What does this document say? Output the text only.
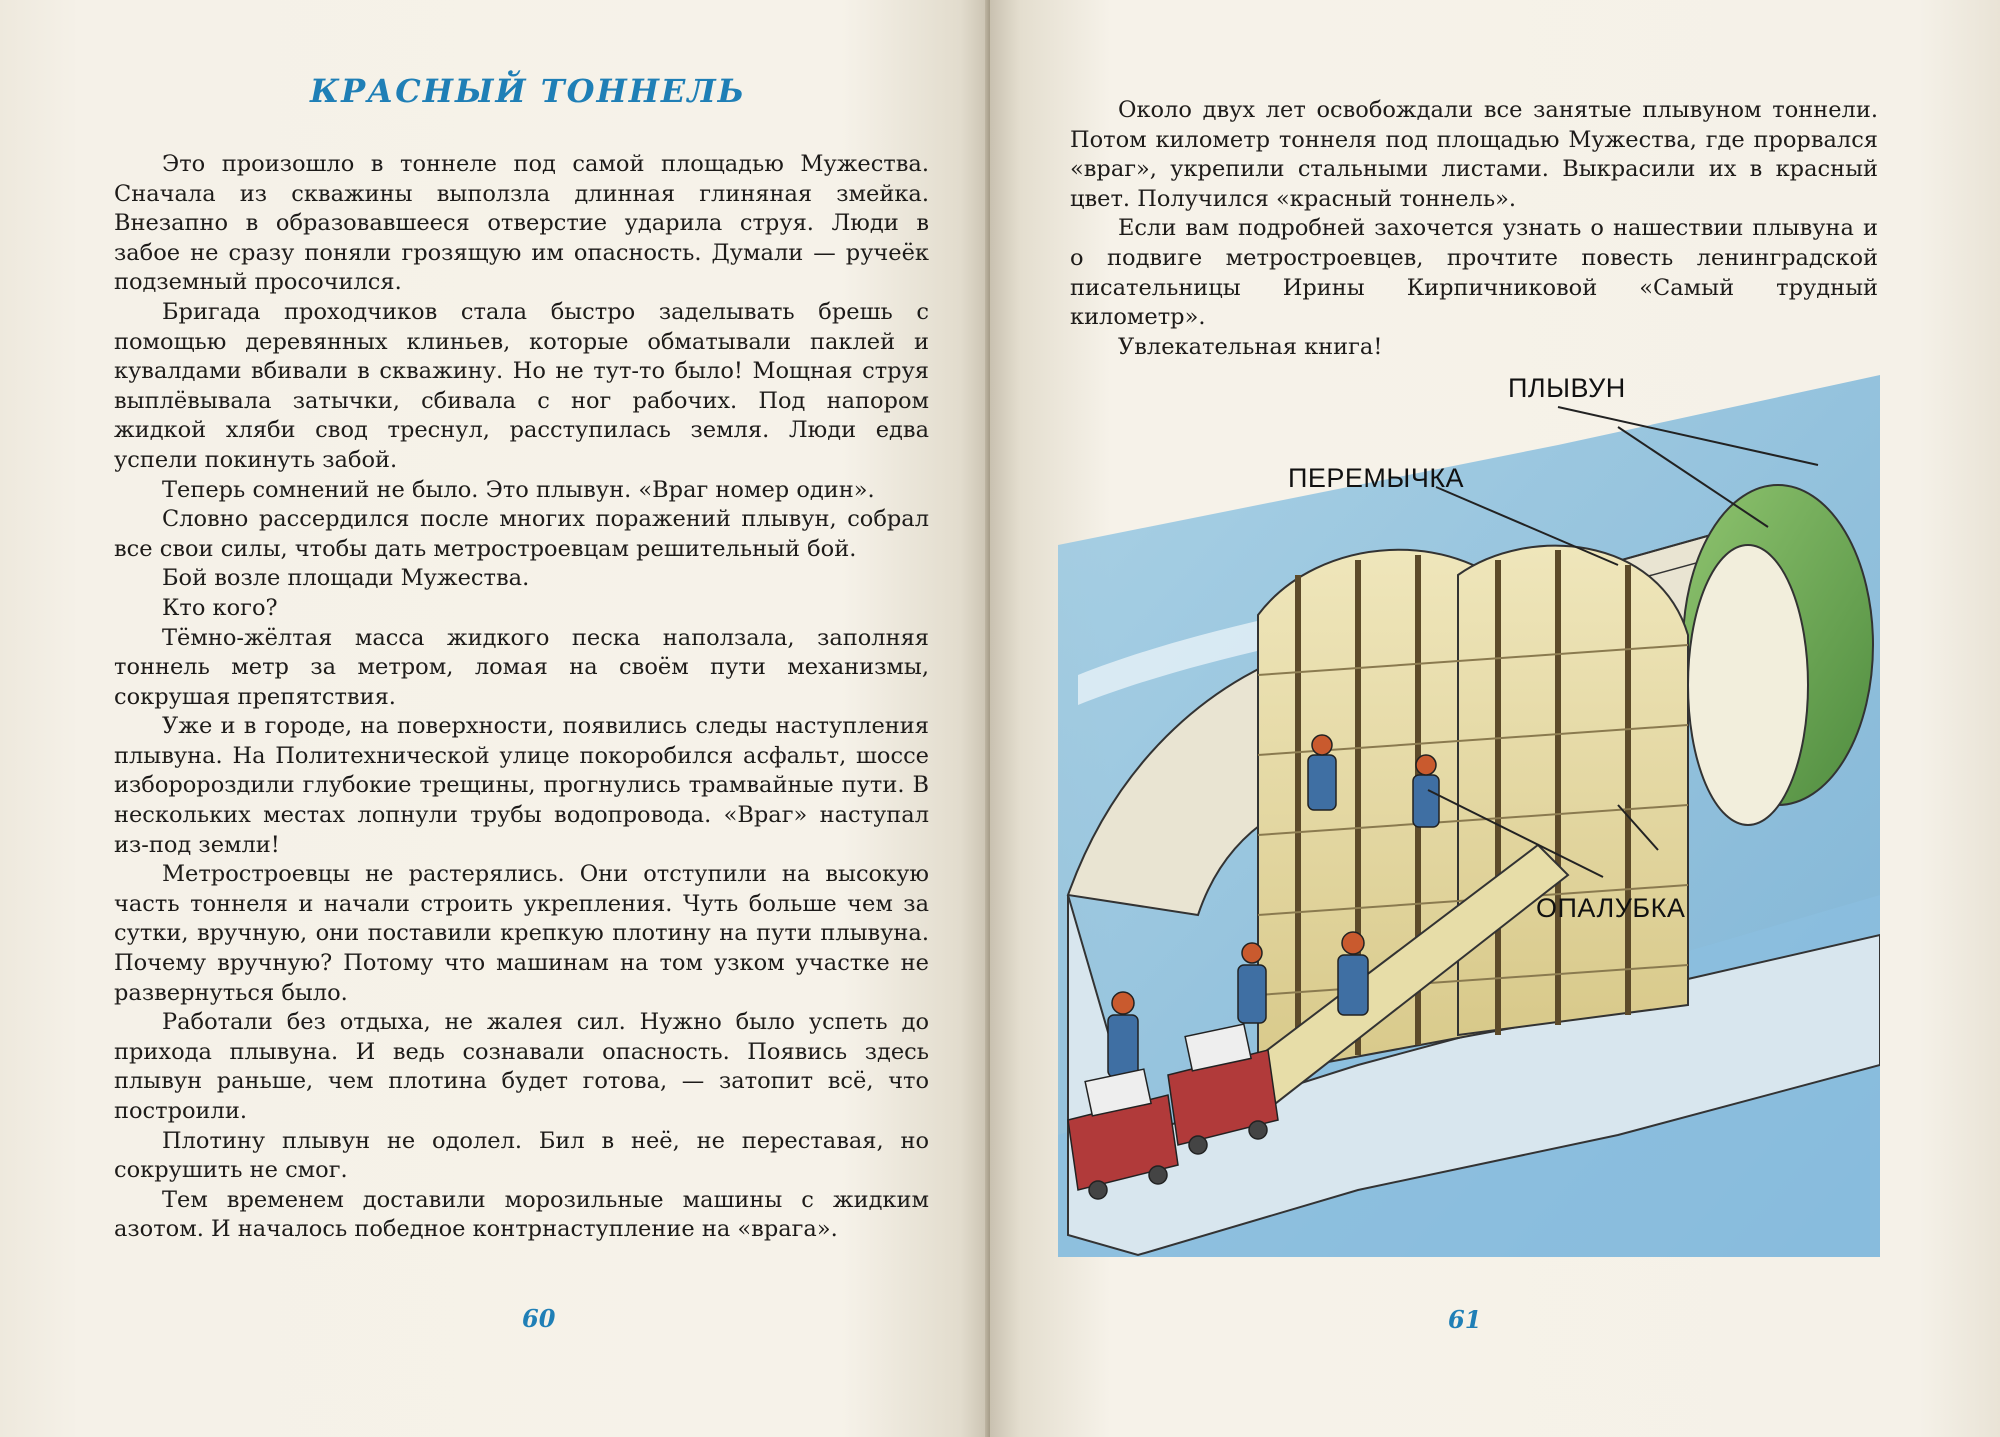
КРАСНЫЙ ТОННЕЛЬ

Это произошло в тоннеле под самой площадью Мужества. Сначала из скважины выползла длинная глиняная змейка. Внезапно в образовавшееся отверстие ударила струя. Люди в забое не сразу поняли грозящую им опасность. Думали — ручеёк подземный просочился.

Бригада проходчиков стала быстро заделывать брешь с помощью деревянных клиньев, которые обматывали паклей и кувалдами вбивали в скважину. Но не тут-то было! Мощная струя выплёвывала затычки, сбивала с ног рабочих. Под напором жидкой хляби свод треснул, расступилась земля. Люди едва успели покинуть забой.

Теперь сомнений не было. Это плывун. «Враг номер один».

Словно рассердился после многих поражений плывун, собрал все свои силы, чтобы дать метростроевцам решительный бой.

Бой возле площади Мужества.

Кто кого?

Тёмно-жёлтая масса жидкого песка наползала, заполняя тоннель метр за метром, ломая на своём пути механизмы, сокрушая препятствия.

Уже и в городе, на поверхности, появились следы наступления плывуна. На Политехнической улице покоробился асфальт, шоссе изборороздили глубокие трещины, прогнулись трамвайные пути. В нескольких местах лопнули трубы водопровода. «Враг» наступал из-под земли!

Метростроевцы не растерялись. Они отступили на высокую часть тоннеля и начали строить укрепления. Чуть больше чем за сутки, вручную, они поставили крепкую плотину на пути плывуна. Почему вручную? Потому что машинам на том узком участке не развернуться было.

Работали без отдыха, не жалея сил. Нужно было успеть до прихода плывуна. И ведь сознавали опасность. Появись здесь плывун раньше, чем плотина будет готова, — затопит всё, что построили.

Плотину плывун не одолел. Бил в неё, не переставая, но сокрушить не смог.

Тем временем доставили морозильные машины с жидким азотом. И началось победное контрнаступление на «врага».

60	61

Около двух лет освобождали все занятые плывуном тоннели. Потом километр тоннеля под площадью Мужества, где прорвался «враг», укрепили стальными листами. Выкрасили их в красный цвет. Получился «красный тоннель».

Если вам подробней захочется узнать о нашествии плывуна и о подвиге метростроевцев, прочтите повесть ленинградской писательницы Ирины Кирпичниковой «Самый трудный километр».

Увлекательная книга!

ПЛЫВУН
ПЕРЕМЫЧКА
ОПАЛУБКА
